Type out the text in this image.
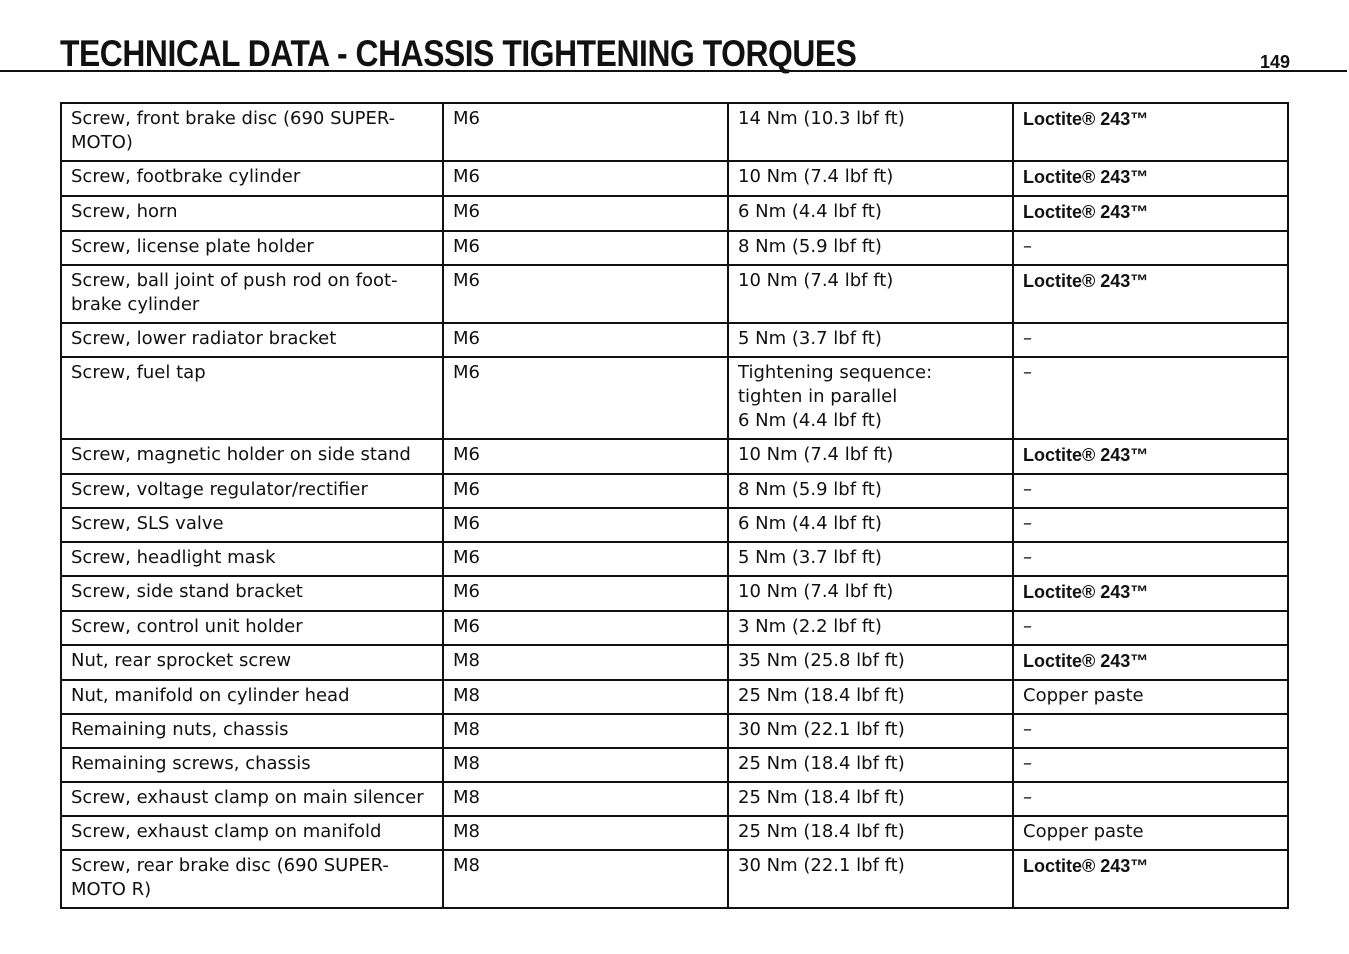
TECHNICAL DATA - CHASSIS TIGHTENING TORQUES	149
Screw, front brake disc (690 SUPER-
MOTO)	M6	14 Nm (10.3 lbf ft)	Loctite® 243™
Screw, footbrake cylinder	M6	10 Nm (7.4 lbf ft)	Loctite® 243™
Screw, horn	M6	6 Nm (4.4 lbf ft)	Loctite® 243™
Screw, license plate holder	M6	8 Nm (5.9 lbf ft)	–
Screw, ball joint of push rod on foot-
brake cylinder	M6	10 Nm (7.4 lbf ft)	Loctite® 243™
Screw, lower radiator bracket	M6	5 Nm (3.7 lbf ft)	–
Screw, fuel tap	M6	Tightening sequence:
tighten in parallel
6 Nm (4.4 lbf ft)	–
Screw, magnetic holder on side stand	M6	10 Nm (7.4 lbf ft)	Loctite® 243™
Screw, voltage regulator/rectifier	M6	8 Nm (5.9 lbf ft)	–
Screw, SLS valve	M6	6 Nm (4.4 lbf ft)	–
Screw, headlight mask	M6	5 Nm (3.7 lbf ft)	–
Screw, side stand bracket	M6	10 Nm (7.4 lbf ft)	Loctite® 243™
Screw, control unit holder	M6	3 Nm (2.2 lbf ft)	–
Nut, rear sprocket screw	M8	35 Nm (25.8 lbf ft)	Loctite® 243™
Nut, manifold on cylinder head	M8	25 Nm (18.4 lbf ft)	Copper paste
Remaining nuts, chassis	M8	30 Nm (22.1 lbf ft)	–
Remaining screws, chassis	M8	25 Nm (18.4 lbf ft)	–
Screw, exhaust clamp on main silencer	M8	25 Nm (18.4 lbf ft)	–
Screw, exhaust clamp on manifold	M8	25 Nm (18.4 lbf ft)	Copper paste
Screw, rear brake disc (690 SUPER-
MOTO R)	M8	30 Nm (22.1 lbf ft)	Loctite® 243™
